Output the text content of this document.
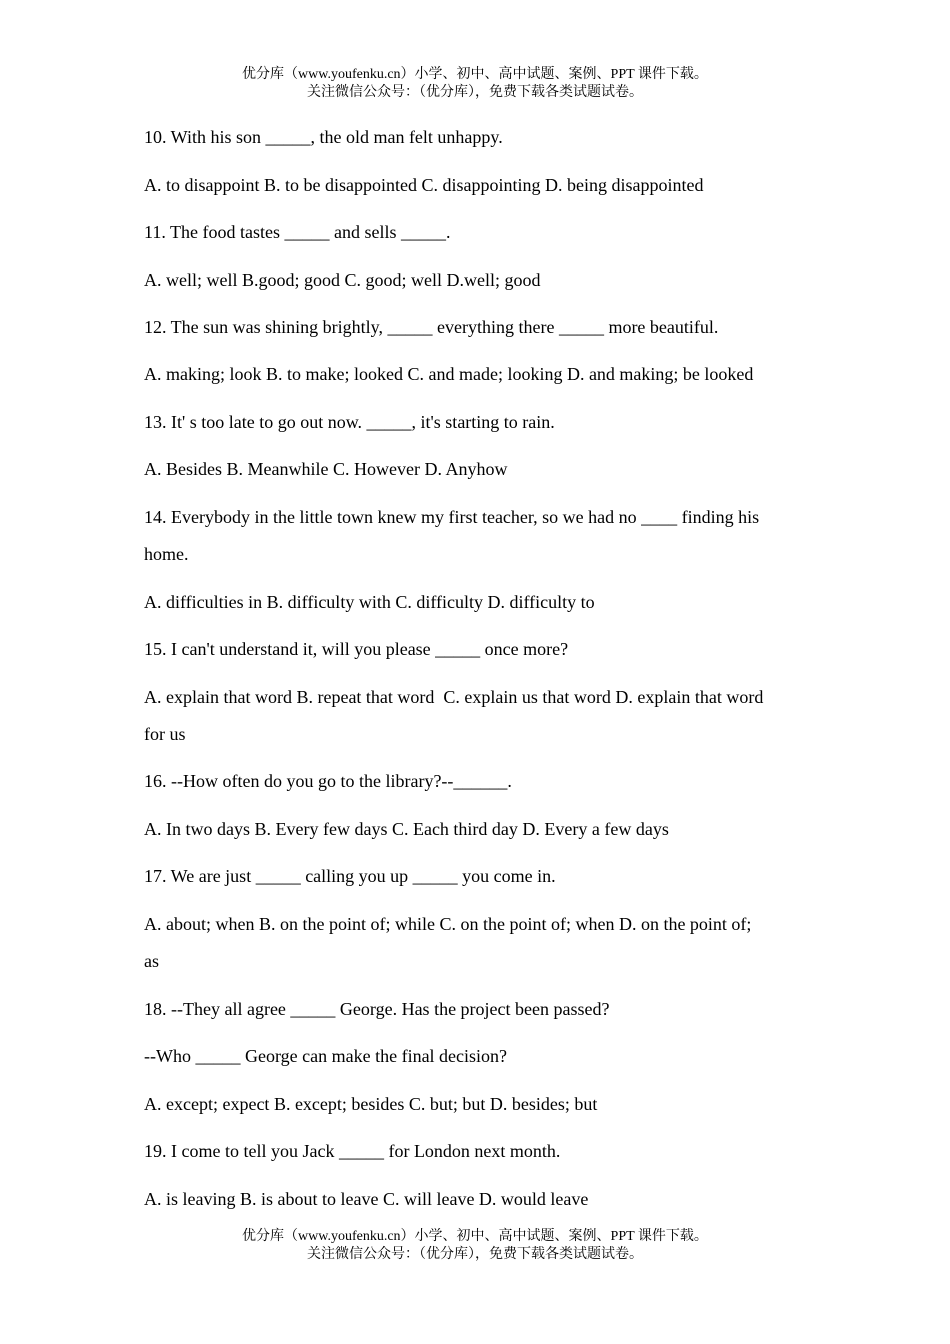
优分库（www.youfenku.cn）小学、初中、高中试题、案例、PPT 课件下载。
关注微信公众号：（优分库），免费下载各类试题试卷。
10. With his son _____, the old man felt unhappy.
A. to disappoint B. to be disappointed C. disappointing D. being disappointed
11. The food tastes _____ and sells _____.
A. well; well B.good; good C. good; well D.well; good
12. The sun was shining brightly, _____ everything there _____ more beautiful.
A. making; look B. to make; looked C. and made; looking D. and making; be looked
13. It' s too late to go out now. _____, it's starting to rain.
A. Besides B. Meanwhile C. However D. Anyhow
14. Everybody in the little town knew my first teacher, so we had no ____ finding his
home.
A. difficulties in B. difficulty with C. difficulty D. difficulty to
15. I can't understand it, will you please _____ once more?
A. explain that word B. repeat that word  C. explain us that word D. explain that word
for us
16. --How often do you go to the library?--______.
A. In two days B. Every few days C. Each third day D. Every a few days
17. We are just _____ calling you up _____ you come in.
A. about; when B. on the point of; while C. on the point of; when D. on the point of;
as
18. --They all agree _____ George. Has the project been passed?
--Who _____ George can make the final decision?
A. except; expect B. except; besides C. but; but D. besides; but
19. I come to tell you Jack _____ for London next month.
A. is leaving B. is about to leave C. will leave D. would leave
优分库（www.youfenku.cn）小学、初中、高中试题、案例、PPT 课件下载。
关注微信公众号：（优分库），免费下载各类试题试卷。
